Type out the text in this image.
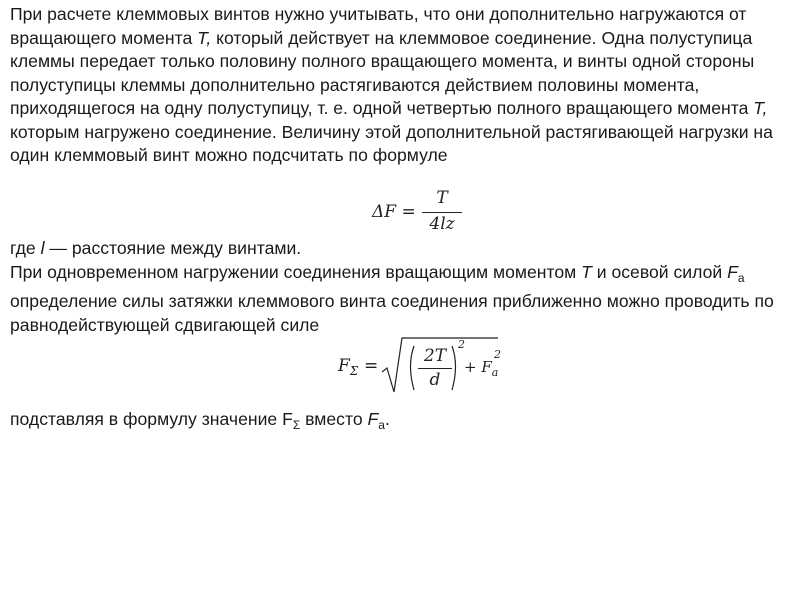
При расчете клеммовых винтов нужно учитывать, что они дополнительно нагружаются от вращающего момента Т, который действует на клеммовое соединение. Одна полуступица клеммы передает только половину полного вращающего момента, и винты одной стороны полуступицы клеммы дополнительно растягиваются действием половины момента, приходящегося на одну полуступицу, т. е. одной четвертью полного вращающего момента Т, которым нагружено соединение. Величину этой дополнительной растягивающей нагрузки на один клеммовый винт можно подсчитать по формуле

ΔF =
T
4lz

где l — расстояние между винтами.
При одновременном нагружении соединения вращающим моментом T и осевой силой $F_a$ определение силы затяжки клеммового винта соединения приближенно можно проводить по равнодействующей сдвигающей силе

$F_\Sigma$ =	2T
d
2
+ $F_a$
2

подставляя в формулу значение $F_\Sigma$ вместо $F_a$.
